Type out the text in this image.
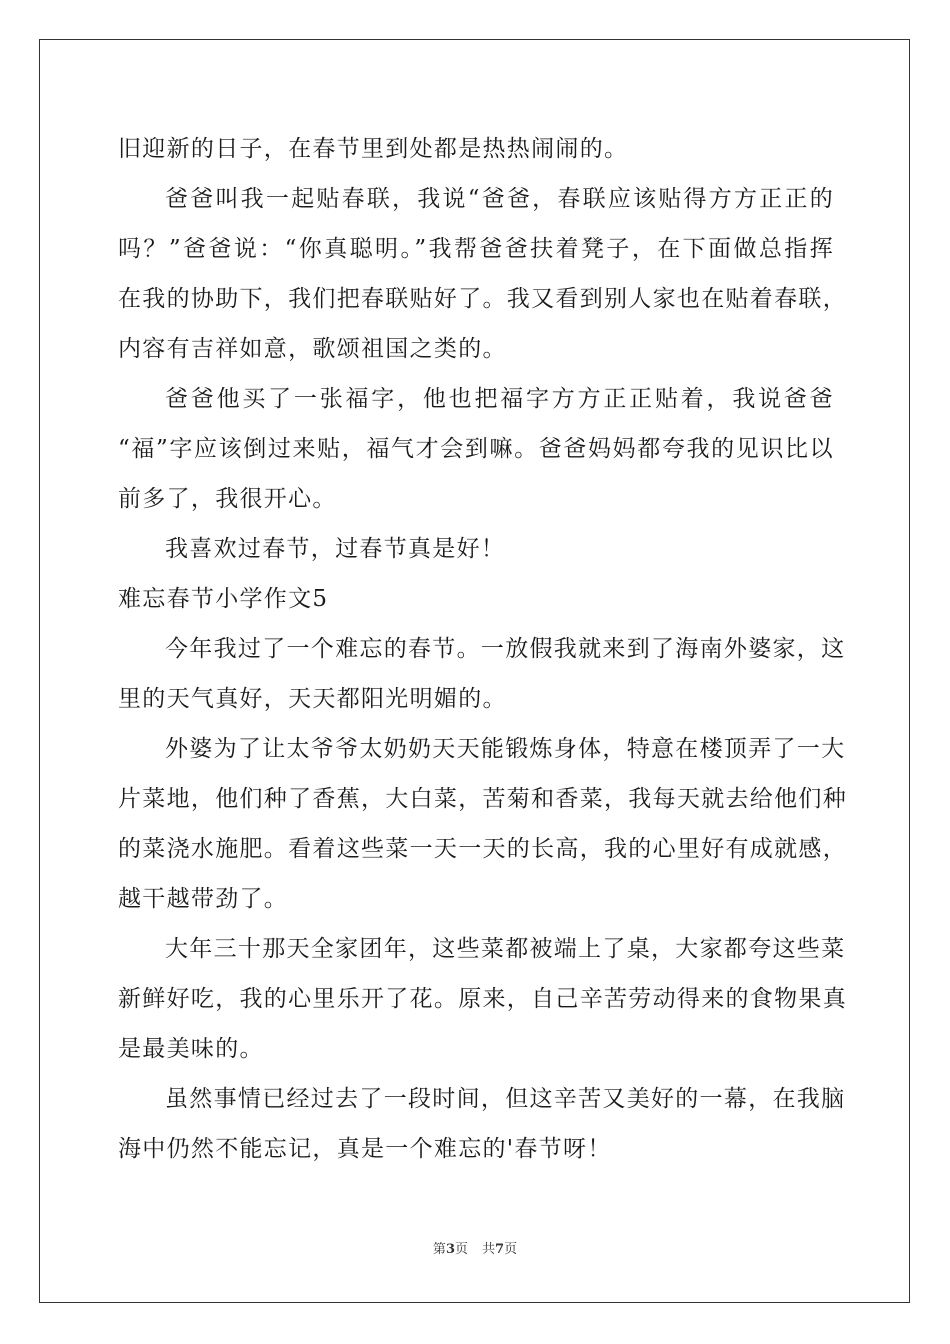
旧迎新的日子，在春节里到处都是热热闹闹的。
爸爸叫我一起贴春联，我说“爸爸，春联应该贴得方方正正的
吗？”爸爸说：“你真聪明。”我帮爸爸扶着凳子，在下面做总指挥
在我的协助下，我们把春联贴好了。我又看到别人家也在贴着春联，
内容有吉祥如意，歌颂祖国之类的。
爸爸他买了一张福字，他也把福字方方正正贴着，我说爸爸
“福”字应该倒过来贴，福气才会到嘛。爸爸妈妈都夸我的见识比以
前多了，我很开心。
我喜欢过春节，过春节真是好！
难忘春节小学作文5
今年我过了一个难忘的春节。一放假我就来到了海南外婆家，这
里的天气真好，天天都阳光明媚的。
外婆为了让太爷爷太奶奶天天能锻炼身体，特意在楼顶弄了一大
片菜地，他们种了香蕉，大白菜，苦菊和香菜，我每天就去给他们种
的菜浇水施肥。看着这些菜一天一天的长高，我的心里好有成就感，
越干越带劲了。
大年三十那天全家团年，这些菜都被端上了桌，大家都夸这些菜
新鲜好吃，我的心里乐开了花。原来，自己辛苦劳动得来的食物果真
是最美味的。
虽然事情已经过去了一段时间，但这辛苦又美好的一幕，在我脑
海中仍然不能忘记，真是一个难忘的'春节呀！
第3页 共7页
